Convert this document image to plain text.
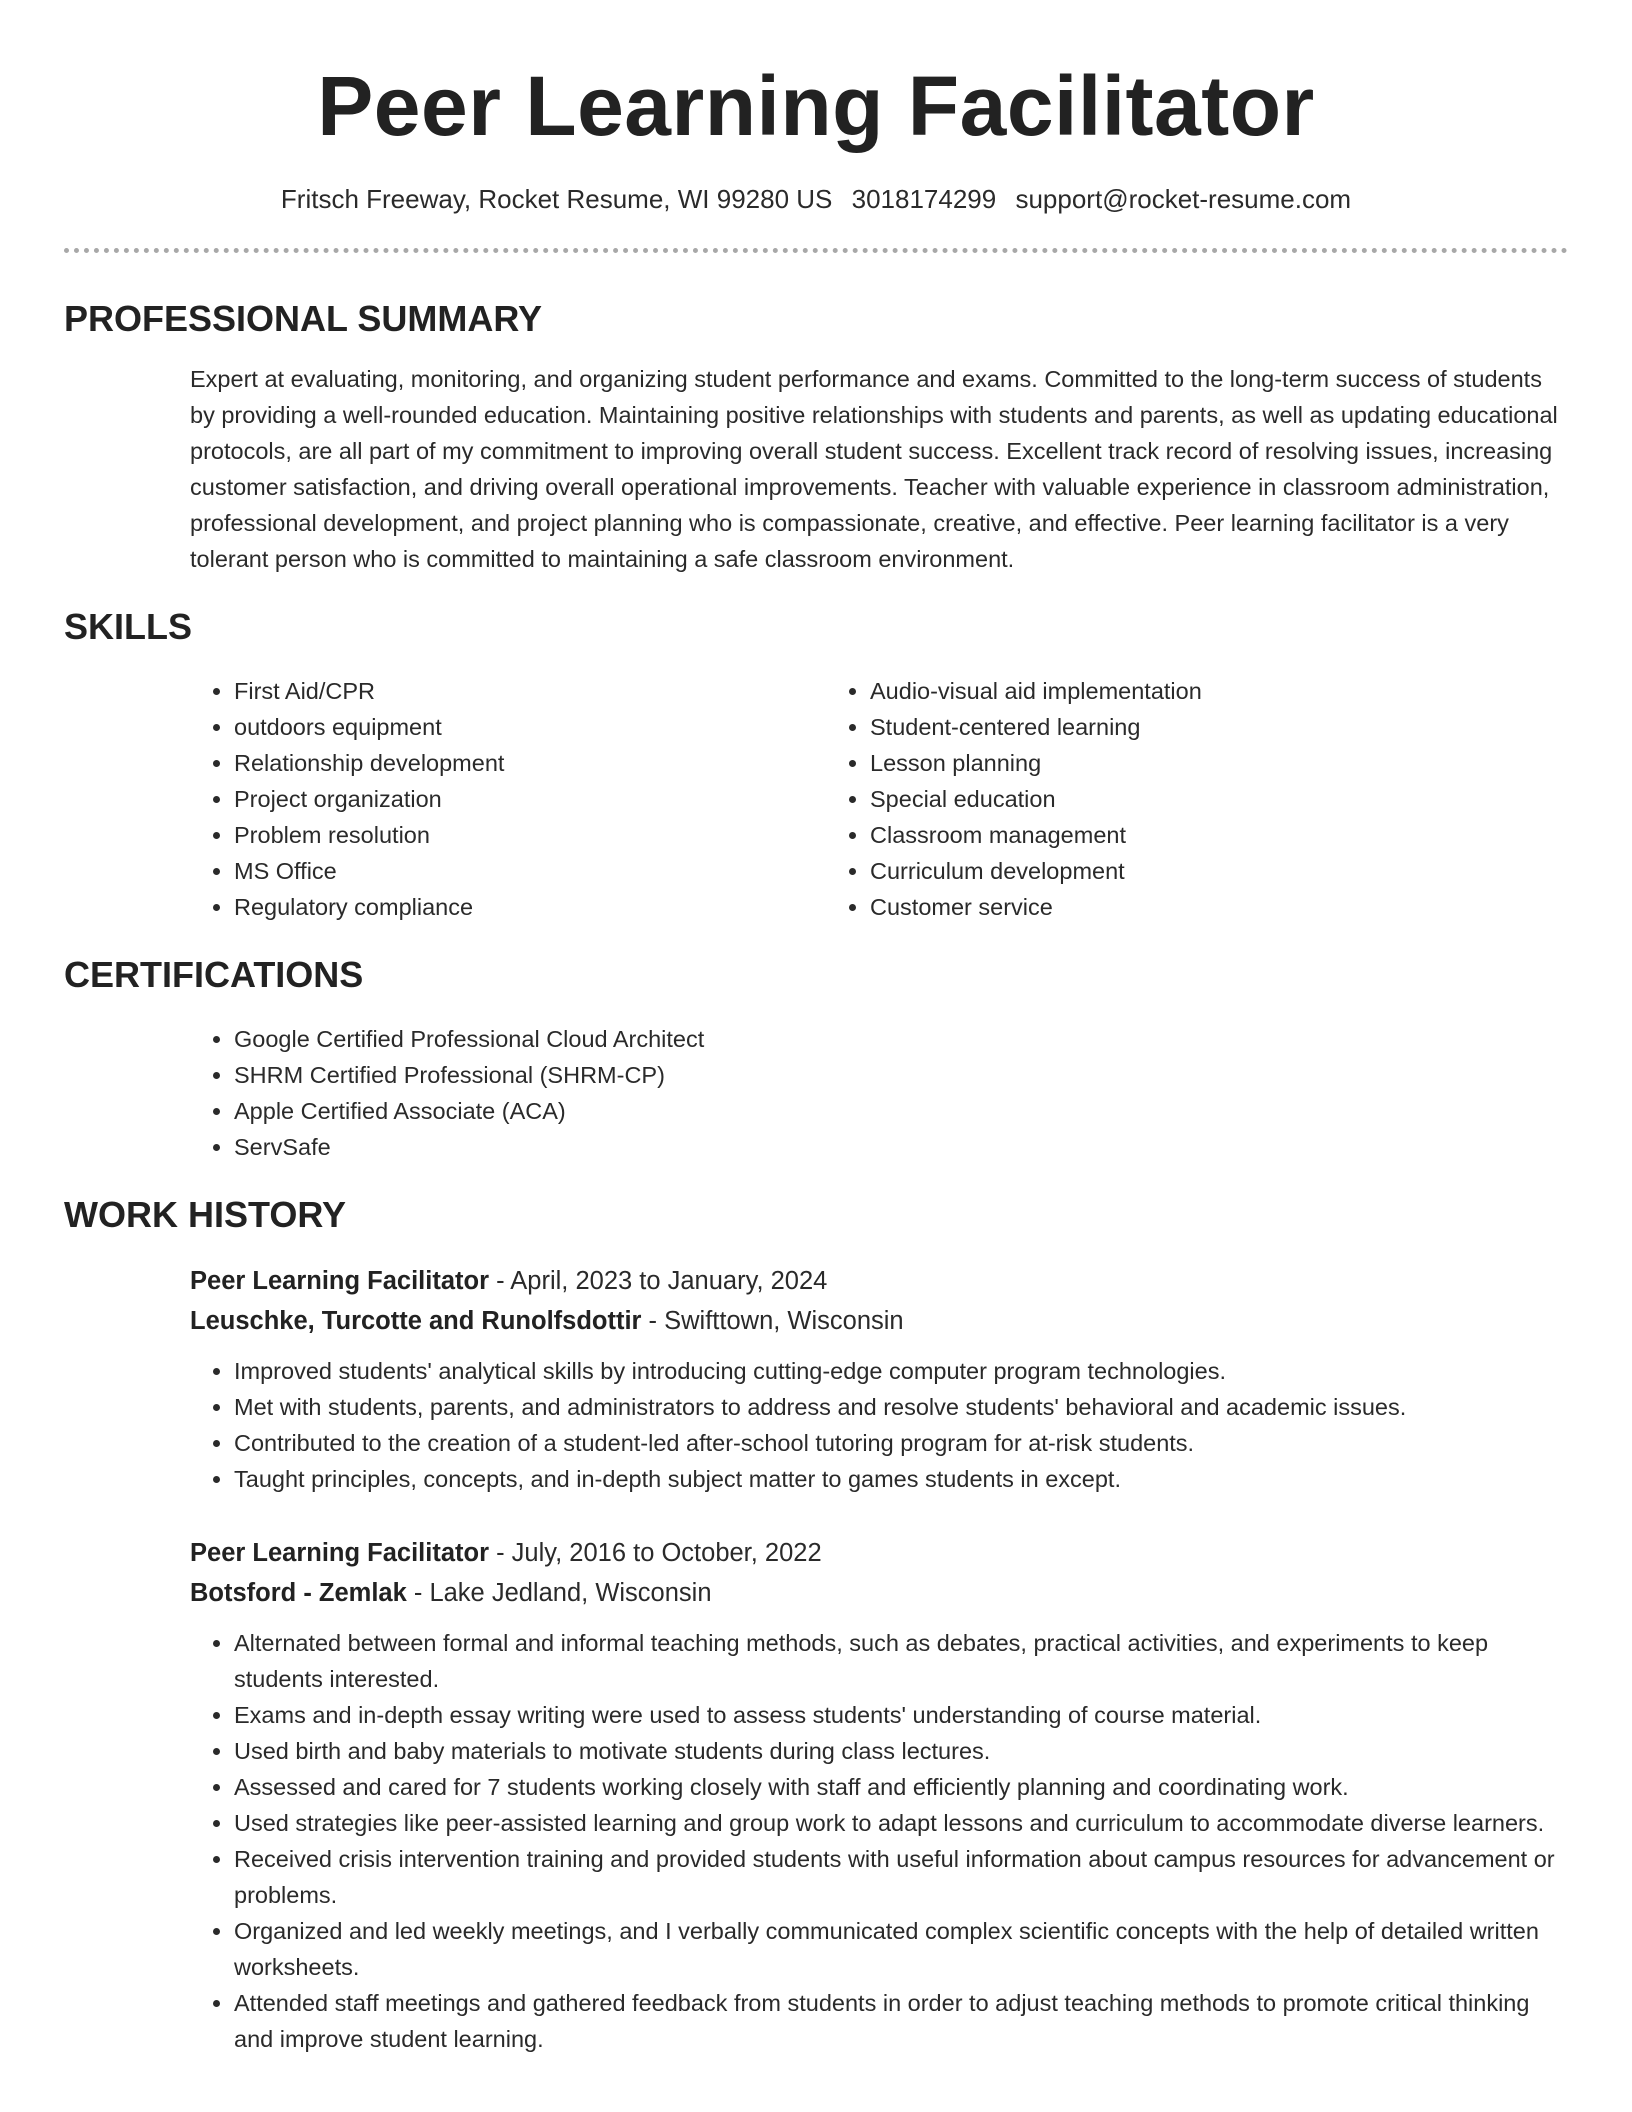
Peer Learning Facilitator
Fritsch Freeway, Rocket Resume, WI 99280 US 3018174299 support@rocket-resume.com
PROFESSIONAL SUMMARY

Expert at evaluating, monitoring, and organizing student performance and exams. Committed to the long-term success of students by providing a well-rounded education. Maintaining positive relationships with students and parents, as well as updating educational protocols, are all part of my commitment to improving overall student success. Excellent track record of resolving issues, increasing customer satisfaction, and driving overall operational improvements. Teacher with valuable experience in classroom administration, professional development, and project planning who is compassionate, creative, and effective. Peer learning facilitator is a very tolerant person who is committed to maintaining a safe classroom environment.

SKILLS
• First Aid/CPR
• outdoors equipment
• Relationship development
• Project organization
• Problem resolution
• MS Office
• Regulatory compliance
• Audio-visual aid implementation
• Student-centered learning
• Lesson planning
• Special education
• Classroom management
• Curriculum development
• Customer service
CERTIFICATIONS
• Google Certified Professional Cloud Architect
• SHRM Certified Professional (SHRM-CP)
• Apple Certified Associate (ACA)
• ServSafe
WORK HISTORY
Peer Learning Facilitator - April, 2023 to January, 2024
Leuschke, Turcotte and Runolfsdottir - Swifttown, Wisconsin
• Improved students' analytical skills by introducing cutting-edge computer program technologies.
• Met with students, parents, and administrators to address and resolve students' behavioral and academic issues.
• Contributed to the creation of a student-led after-school tutoring program for at-risk students.
• Taught principles, concepts, and in-depth subject matter to games students in except.
Peer Learning Facilitator - July, 2016 to October, 2022
Botsford - Zemlak - Lake Jedland, Wisconsin
• Alternated between formal and informal teaching methods, such as debates, practical activities, and experiments to keep students interested.
• Exams and in-depth essay writing were used to assess students' understanding of course material.
• Used birth and baby materials to motivate students during class lectures.
• Assessed and cared for 7 students working closely with staff and efficiently planning and coordinating work.
• Used strategies like peer-assisted learning and group work to adapt lessons and curriculum to accommodate diverse learners.
• Received crisis intervention training and provided students with useful information about campus resources for advancement or problems.
• Organized and led weekly meetings, and I verbally communicated complex scientific concepts with the help of detailed written worksheets.
• Attended staff meetings and gathered feedback from students in order to adjust teaching methods to promote critical thinking and improve student learning.
